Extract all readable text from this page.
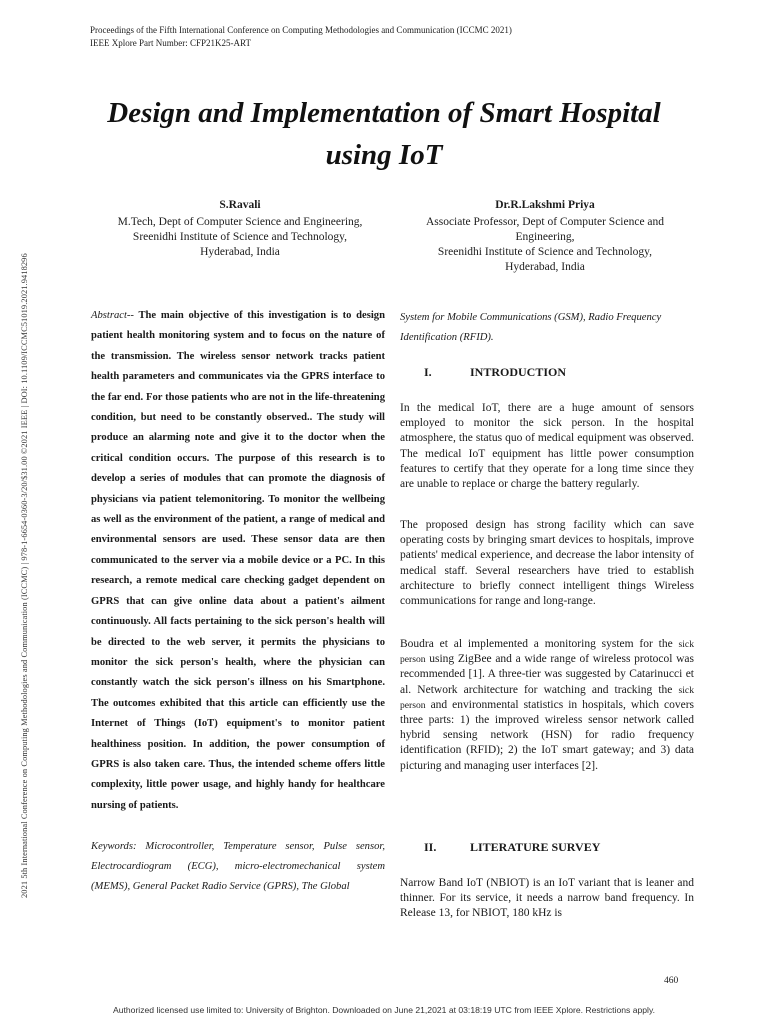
Proceedings of the Fifth International Conference on Computing Methodologies and Communication (ICCMC 2021)
IEEE Xplore Part Number: CFP21K25-ART
2021 5th International Conference on Computing Methodologies and Communication (ICCMC) | 978-1-6654-0360-3/20/$31.00 ©2021 IEEE | DOI: 10.1109/ICCMC51019.2021.9418296
Design and Implementation of Smart Hospital
using IoT
S.Ravali
M.Tech, Dept of Computer Science and Engineering,
Sreenidhi Institute of Science and Technology,
Hyderabad, India
Dr.R.Lakshmi Priya
Associate Professor, Dept of Computer Science and
Engineering,
Sreenidhi Institute of Science and Technology,
Hyderabad, India
Abstract-- The main objective of this investigation is to design patient health monitoring system and to focus on the nature of the transmission. The wireless sensor network tracks patient health parameters and communicates via the GPRS interface to the far end. For those patients who are not in the life-threatening condition, but need to be constantly observed.. The study will produce an alarming note and give it to the doctor when the critical condition occurs. The purpose of this research is to develop a series of modules that can promote the diagnosis of physicians via patient telemonitoring. To monitor the wellbeing as well as the environment of the patient, a range of medical and environmental sensors are used. These sensor data are then communicated to the server via a mobile device or a PC. In this research, a remote medical care checking gadget dependent on GPRS that can give online data about a patient's ailment continuously. All facts pertaining to the sick person's health will be directed to the web server, it permits the physicians to monitor the sick person's health, where the physician can constantly watch the sick person's illness on his Smartphone. The outcomes exhibited that this article can efficiently use the Internet of Things (IoT) equipment's to monitor patient healthiness position. In addition, the power consumption of GPRS is also taken care. Thus, the intended scheme offers little complexity, little power usage, and highly handy for healthcare nursing of patients.
Keywords: Microcontroller, Temperature sensor, Pulse sensor, Electrocardiogram (ECG), micro-electromechanical system (MEMS), General Packet Radio Service (GPRS), The Global
System for Mobile Communications (GSM), Radio Frequency Identification (RFID).
I.	INTRODUCTION
In the medical IoT, there are a huge amount of sensors employed to monitor the sick person. In the hospital atmosphere, the status quo of medical equipment was observed. The medical IoT equipment has little power consumption features to certify that they operate for a long time since they are unable to replace or charge the battery regularly.
The proposed design has strong facility which can save operating costs by bringing smart devices to hospitals, improve patients' medical experience, and decrease the labor intensity of medical staff. Several researchers have tried to establish architecture to briefly connect intelligent things Wireless communications for range and long-range.
Boudra et al implemented a monitoring system for the sick person using ZigBee and a wide range of wireless protocol was recommended [1]. A three-tier was suggested by Catarinucci et al. Network architecture for watching and tracking the sick person and environmental statistics in hospitals, which covers three parts: 1) the improved wireless sensor network called hybrid sensing network (HSN) for radio frequency identification (RFID); 2) the IoT smart gateway; and 3) data picturing and managing user interfaces [2].
II.	LITERATURE SURVEY
Narrow Band IoT (NBIOT) is an IoT variant that is leaner and thinner. For its service, it needs a narrow band frequency. In Release 13, for NBIOT, 180 kHz is
460
Authorized licensed use limited to: University of Brighton. Downloaded on June 21,2021 at 03:18:19 UTC from IEEE Xplore. Restrictions apply.
